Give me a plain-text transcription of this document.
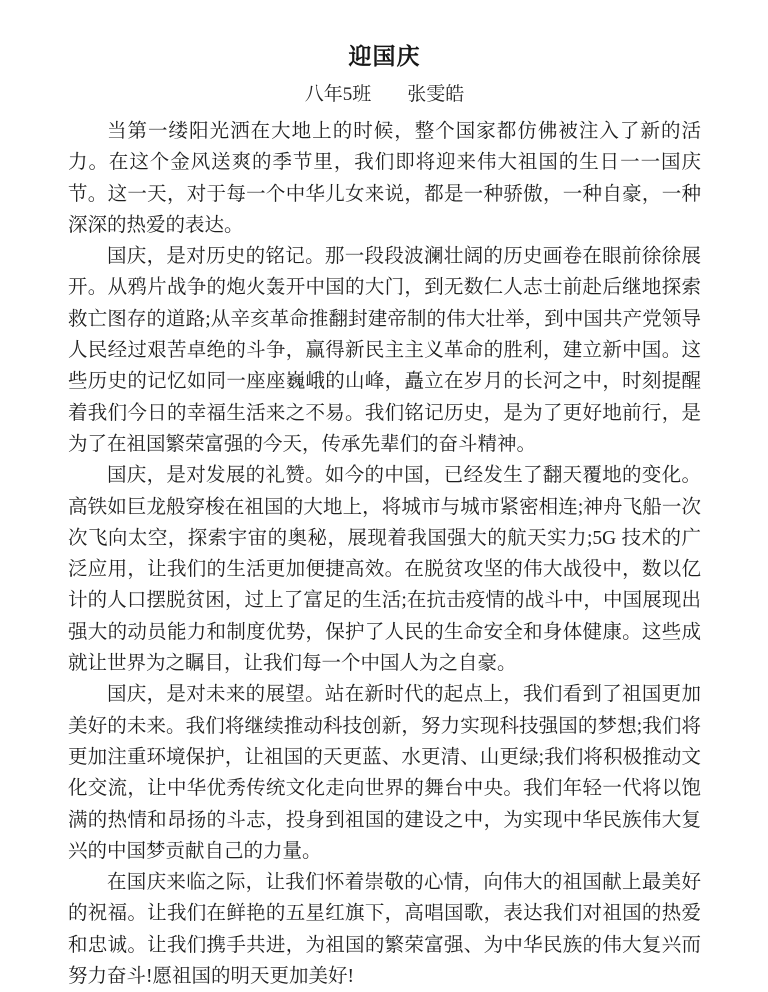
迎国庆
八年5班 张雯皓

当第一缕阳光洒在大地上的时候，整个国家都仿佛被注入了新的活力。在这个金风送爽的季节里，我们即将迎来伟大祖国的生日一一国庆节。这一天，对于每一个中华儿女来说，都是一种骄傲，一种自豪，一种深深的热爱的表达。

国庆，是对历史的铭记。那一段段波澜壮阔的历史画卷在眼前徐徐展开。从鸦片战争的炮火轰开中国的大门，到无数仁人志士前赴后继地探索救亡图存的道路;从辛亥革命推翻封建帝制的伟大壮举，到中国共产党领导人民经过艰苦卓绝的斗争，赢得新民主主义革命的胜利，建立新中国。这些历史的记忆如同一座座巍峨的山峰，矗立在岁月的长河之中，时刻提醒着我们今日的幸福生活来之不易。我们铭记历史，是为了更好地前行，是为了在祖国繁荣富强的今天，传承先辈们的奋斗精神。

国庆，是对发展的礼赞。如今的中国，已经发生了翻天覆地的变化。高铁如巨龙般穿梭在祖国的大地上，将城市与城市紧密相连;神舟飞船一次次飞向太空，探索宇宙的奥秘，展现着我国强大的航天实力;5G 技术的广泛应用，让我们的生活更加便捷高效。在脱贫攻坚的伟大战役中，数以亿计的人口摆脱贫困，过上了富足的生活;在抗击疫情的战斗中，中国展现出强大的动员能力和制度优势，保护了人民的生命安全和身体健康。这些成就让世界为之瞩目，让我们每一个中国人为之自豪。

国庆，是对未来的展望。站在新时代的起点上，我们看到了祖国更加美好的未来。我们将继续推动科技创新，努力实现科技强国的梦想;我们将更加注重环境保护，让祖国的天更蓝、水更清、山更绿;我们将积极推动文化交流，让中华优秀传统文化走向世界的舞台中央。我们年轻一代将以饱满的热情和昂扬的斗志，投身到祖国的建设之中，为实现中华民族伟大复兴的中国梦贡献自己的力量。

在国庆来临之际，让我们怀着崇敬的心情，向伟大的祖国献上最美好的祝福。让我们在鲜艳的五星红旗下，高唱国歌，表达我们对祖国的热爱和忠诚。让我们携手共进，为祖国的繁荣富强、为中华民族的伟大复兴而努力奋斗!愿祖国的明天更加美好!
